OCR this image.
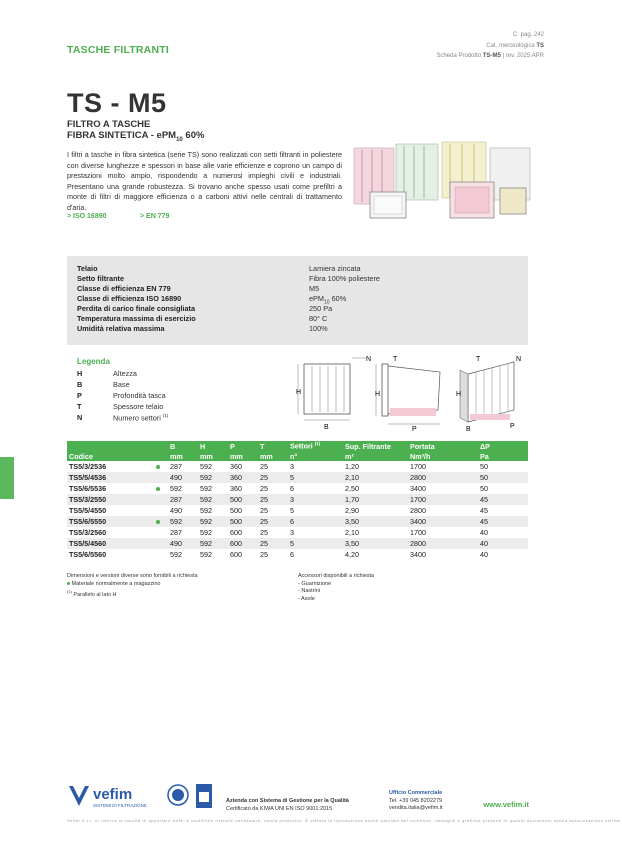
TASCHE FILTRANTI
C pag. 242
Cat. merceologica TS
Scheda Prodotto TS-M5 | rev. 2025 APR
TS - M5
FILTRO A TASCHE
FIBRA SINTETICA - ePM$_{10}$ 60%
I filtri a tasche in fibra sintetica (serie TS) sono realizzati con setti filtranti in poliestere con diverse lunghezze e spessori in base alle varie efficienze e coprono un campo di prestazioni molto ampio, rispondendo a numerosi impieghi civili e industriali. Presentano una grande robustezza. Si trovano anche spesso usati come prefiltri a monte di filtri di maggiore efficienza o a carboni attivi nelle centrali di trattamento d'aria.
> ISO 16890	> EN 779
Telaio	Lamiera zincata
Setto filtrante	Fibra 100% poliestere
Classe di efficienza EN 779	M5
Classe di efficienza ISO 16890	ePM$_{10}$ 60%
Perdita di carico finale consigliata	250 Pa
Temperatura massima di esercizio	80° C
Umidità relativa massima	100%
Legenda
H	Altezza
B	Base
P	Profondità tasca
T	Spessore telaio
N	Numero settori $^{(1)}$
H
B
N
H
T
P
H
T	N
B	P
	B	H	P	T	Settori $^{(1)}$	Sup. Filtrante	Portata	ΔP
Codice	mm	mm	mm	mm	n°	m²	Nm³/h	Pa
TS5/3/2536	287	592	360	25	3	1,20	1700	50
TS5/5/4536	490	592	360	25	5	2,10	2800	50
TS5/6/5536	592	592	360	25	6	2,50	3400	50
TS5/3/2550	287	592	500	25	3	1,70	1700	45
TS5/5/4550	490	592	500	25	5	2,90	2800	45
TS5/6/5550	592	592	500	25	6	3,50	3400	45
TS5/3/2560	287	592	600	25	3	2,10	1700	40
TS5/5/4560	490	592	600	25	5	3,50	2800	40
TS5/6/5560	592	592	600	25	6	4,20	3400	40
Dimensioni e versioni diverse sono fornibili a richiesta
Materiale normalmente a magazzino
$^{(1)}$ Parallelo al lato H
Accessori disponibili a richiesta
- Guarnizione
- Nastrini
- Asole
vefim
SISTEMI DI FILTRAZIONE
Azienda con Sistema di Gestione per la Qualità
Certificato da KIWA UNI EN ISO 9001:2015
Ufficio Commerciale
Tel. +39 045 8202279
vendita.italia@vefim.it	www.vefim.it
Vefim S.r.l. si riserva la facoltà di apportare tutte le modifiche ritenute necessarie, senza preavviso. È vietata la riproduzione anche parziale dei contenuti, immagini e grafiche presenti in questo documento senza autorizzazione scritta.
